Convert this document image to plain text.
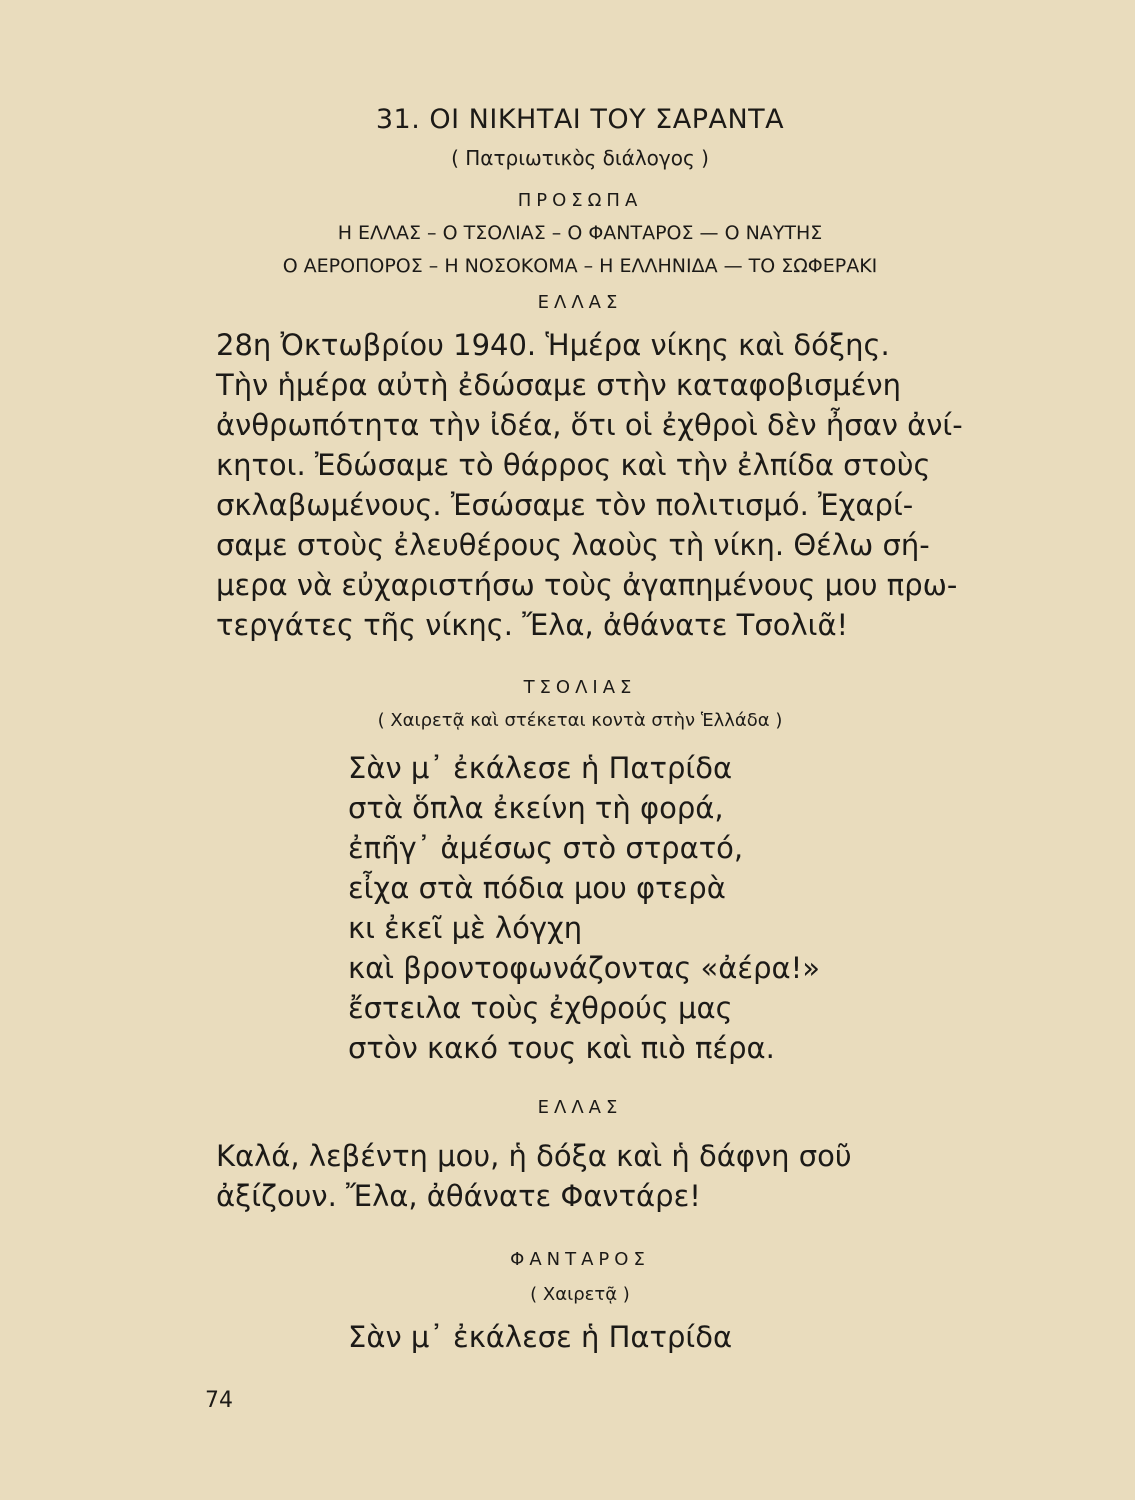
31. ΟΙ ΝΙΚΗΤΑΙ ΤΟΥ ΣΑΡΑΝΤΑ
( Πατριωτικὸς διάλογος )
ΠΡΟΣΩΠΑ
Η ΕΛΛΑΣ – Ο ΤΣΟΛΙΑΣ – Ο ΦΑΝΤΑΡΟΣ — Ο ΝΑΥΤΗΣ
Ο ΑΕΡΟΠΟΡΟΣ – Η ΝΟΣΟΚΟΜΑ – Η ΕΛΛΗΝΙΔΑ — ΤΟ ΣΩΦΕΡΑΚΙ
ΕΛΛΑΣ
28η Ὀκτωβρίου 1940. Ἡμέρα νίκης καὶ δόξης.
Τὴν ἡμέρα αὐτὴ ἐδώσαμε στὴν καταφοβισμένη
ἀνθρωπότητα τὴν ἰδέα, ὅτι οἱ ἐχθροὶ δὲν ἦσαν ἀνί-
κητοι. Ἐδώσαμε τὸ θάρρος καὶ τὴν ἐλπίδα στοὺς
σκλαβωμένους. Ἐσώσαμε τὸν πολιτισμό. Ἐχαρί-
σαμε στοὺς ἐλευθέρους λαοὺς τὴ νίκη. Θέλω σή-
μερα νὰ εὐχαριστήσω τοὺς ἀγαπημένους μου πρω-
τεργάτες τῆς νίκης. Ἔλα, ἀθάνατε Τσολιᾶ!
ΤΣΟΛΙΑΣ
( Χαιρετᾷ καὶ στέκεται κοντὰ στὴν Ἑλλάδα )
Σὰν μ᾽ ἐκάλεσε ἡ Πατρίδα
στὰ ὅπλα ἐκείνη τὴ φορά,
ἐπῆγ᾽ ἀμέσως στὸ στρατό,
εἶχα στὰ πόδια μου φτερὰ
κι ἐκεῖ μὲ λόγχη
καὶ βροντοφωνάζοντας «ἀέρα!»
ἔστειλα τοὺς ἐχθρούς μας
στὸν κακό τους καὶ πιὸ πέρα.
ΕΛΛΑΣ
Καλά, λεβέντη μου, ἡ δόξα καὶ ἡ δάφνη σοῦ
ἀξίζουν. Ἔλα, ἀθάνατε Φαντάρε!
ΦΑΝΤΑΡΟΣ
( Χαιρετᾷ )
Σὰν μ᾽ ἐκάλεσε ἡ Πατρίδα
74
